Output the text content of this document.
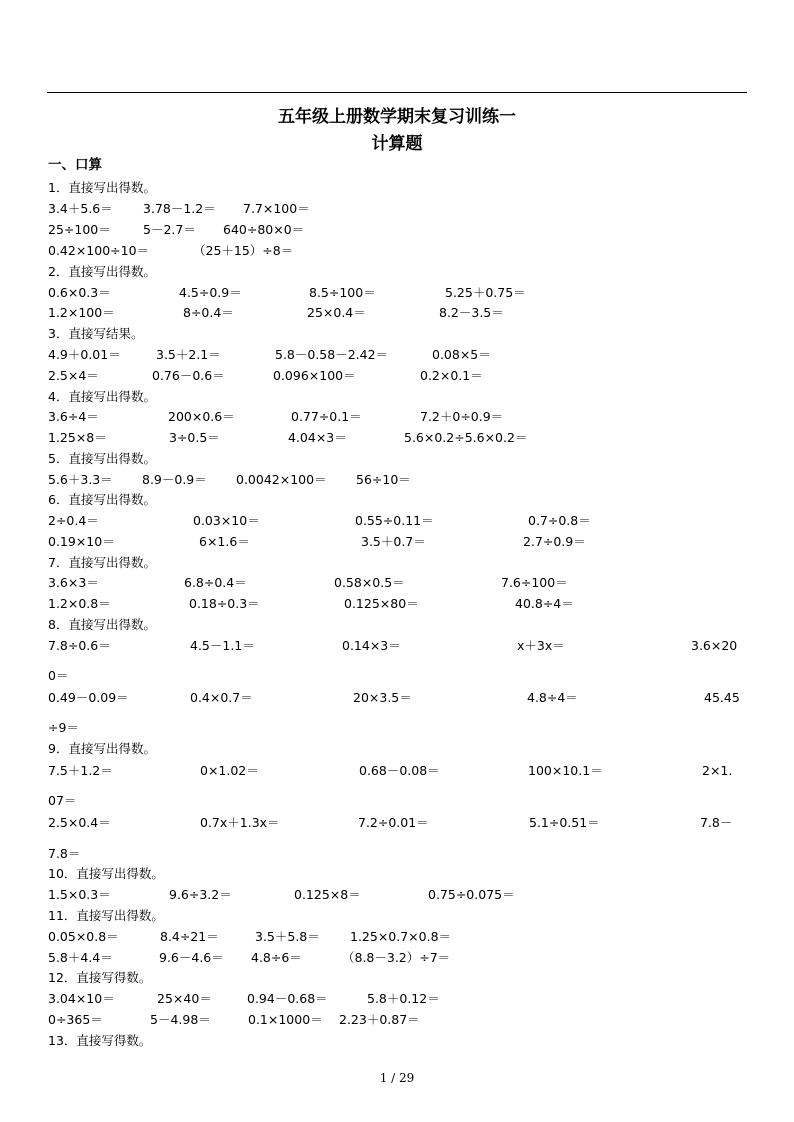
五年级上册数学期末复习训练一
计算题
一、口算
1．直接写出得数。
3.4＋5.6＝ 3.78－1.2＝ 7.7×100＝
25÷100＝	5－2.7＝ 640÷80×0＝
0.42×100÷10＝	（25＋15）÷8＝
2．直接写出得数。
0.6×0.3＝	4.5÷0.9＝	8.5÷100＝	5.25＋0.75＝
1.2×100＝	8÷0.4＝	25×0.4＝	8.2－3.5＝
3．直接写结果。
4.9＋0.01＝	3.5＋2.1＝	5.8－0.58－2.42＝	0.08×5＝
2.5×4＝	0.76－0.6＝	0.096×100＝	0.2×0.1＝
4．直接写出得数。
3.6÷4＝	200×0.6＝	0.77÷0.1＝	7.2＋0÷0.9＝
1.25×8＝	3÷0.5＝	4.04×3＝	5.6×0.2÷5.6×0.2＝
5．直接写出得数。
5.6＋3.3＝ 8.9－0.9＝ 0.0042×100＝ 56÷10＝
6．直接写出得数。
2÷0.4＝	0.03×10＝	0.55÷0.11＝	0.7÷0.8＝
0.19×10＝	6×1.6＝	3.5＋0.7＝	2.7÷0.9＝
7．直接写出得数。
3.6×3＝	6.8÷0.4＝	0.58×0.5＝	7.6÷100＝
1.2×0.8＝	0.18÷0.3＝	0.125×80＝	40.8÷4＝
8．直接写出得数。
7.8÷0.6＝	4.5－1.1＝	0.14×3＝	x＋3x＝	3.6×20
0＝
0.49－0.09＝	0.4×0.7＝	20×3.5＝	4.8÷4＝	45.45
÷9＝
9．直接写出得数。
7.5＋1.2＝	0×1.02＝	0.68－0.08＝	100×10.1＝	2×1.
07＝
2.5×0.4＝	0.7x＋1.3x＝	7.2÷0.01＝	5.1÷0.51＝	7.8－
7.8＝
10．直接写出得数。
1.5×0.3＝	9.6÷3.2＝	0.125×8＝	0.75÷0.075＝
11．直接写出得数。
0.05×0.8＝	8.4÷21＝	3.5＋5.8＝ 1.25×0.7×0.8＝
5.8＋4.4＝	9.6－4.6＝ 4.8÷6＝	（8.8－3.2）÷7＝
12．直接写得数。
3.04×10＝	25×40＝	0.94－0.68＝	5.8＋0.12＝
0÷365＝	5－4.98＝	0.1×1000＝ 2.23＋0.87＝
13．直接写得数。
1 / 29
